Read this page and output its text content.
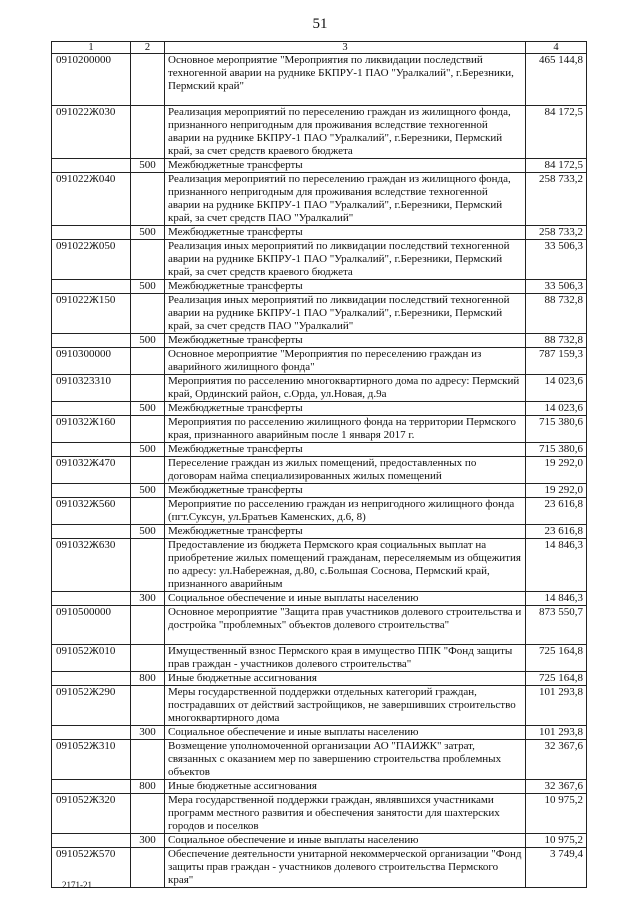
51
1	2	3	4
0910200000		Основное мероприятие "Мероприятия по ликвидации последствий техногенной аварии на руднике БКПРУ-1 ПАО "Уралкалий", г.Березники, Пермский край"	465 144,8
091022Ж030		Реализация мероприятий по переселению граждан из жилищного фонда, признанного непригодным для проживания вследствие техногенной аварии на руднике БКПРУ-1 ПАО "Уралкалий", г.Березники, Пермский край, за счет средств краевого бюджета	84 172,5
	500	Межбюджетные трансферты	84 172,5
091022Ж040		Реализация мероприятий по переселению граждан из жилищного фонда, признанного непригодным для проживания вследствие техногенной аварии на руднике БКПРУ-1 ПАО "Уралкалий", г.Березники, Пермский край, за счет средств ПАО "Уралкалий"	258 733,2
	500	Межбюджетные трансферты	258 733,2
091022Ж050		Реализация иных мероприятий по ликвидации последствий техногенной аварии на руднике БКПРУ-1 ПАО "Уралкалий", г.Березники, Пермский край, за счет средств краевого бюджета	33 506,3
	500	Межбюджетные трансферты	33 506,3
091022Ж150		Реализация иных мероприятий по ликвидации последствий техногенной аварии на руднике БКПРУ-1 ПАО "Уралкалий", г.Березники, Пермский край, за счет средств ПАО "Уралкалий"	88 732,8
	500	Межбюджетные трансферты	88 732,8
0910300000		Основное мероприятие "Мероприятия по переселению граждан из аварийного жилищного фонда"	787 159,3
0910323310		Мероприятия по расселению многоквартирного дома по адресу: Пермский край, Ординский район, с.Орда, ул.Новая, д.9а	14 023,6
	500	Межбюджетные трансферты	14 023,6
091032Ж160		Мероприятия по расселению жилищного фонда на территории Пермского края, признанного аварийным после 1 января 2017 г.	715 380,6
	500	Межбюджетные трансферты	715 380,6
091032Ж470		Переселение граждан из жилых помещений, предоставленных по договорам найма специализированных жилых помещений	19 292,0
	500	Межбюджетные трансферты	19 292,0
091032Ж560		Мероприятие по расселению граждан из непригодного жилищного фонда (пгт.Суксун, ул.Братьев Каменских, д.6, 8)	23 616,8
	500	Межбюджетные трансферты	23 616,8
091032Ж630		Предоставление из бюджета Пермского края социальных выплат на приобретение жилых помещений гражданам, переселяемым из общежития по адресу: ул.Набережная, д.80, с.Большая Соснова, Пермский край, признанного аварийным	14 846,3
	300	Социальное обеспечение и иные выплаты населению	14 846,3
0910500000		Основное мероприятие "Защита прав участников долевого строительства и достройка "проблемных" объектов долевого строительства"	873 550,7
091052Ж010		Имущественный взнос Пермского края в имущество ППК "Фонд защиты прав граждан - участников долевого строительства"	725 164,8
	800	Иные бюджетные ассигнования	725 164,8
091052Ж290		Меры государственной поддержки отдельных категорий граждан, пострадавших от действий застройщиков, не завершивших строительство многоквартирного дома	101 293,8
	300	Социальное обеспечение и иные выплаты населению	101 293,8
091052Ж310		Возмещение уполномоченной организации АО "ПАИЖК" затрат, связанных с оказанием мер по завершению строительства проблемных объектов	32 367,6
	800	Иные бюджетные ассигнования	32 367,6
091052Ж320		Мера государственной поддержки граждан, являвшихся участниками программ местного развития и обеспечения занятости для шахтерских городов и поселков	10 975,2
	300	Социальное обеспечение и иные выплаты населению	10 975,2
091052Ж570		Обеспечение деятельности унитарной некоммерческой организации "Фонд защиты прав граждан - участников долевого строительства Пермского края"	3 749,4
2171-21
